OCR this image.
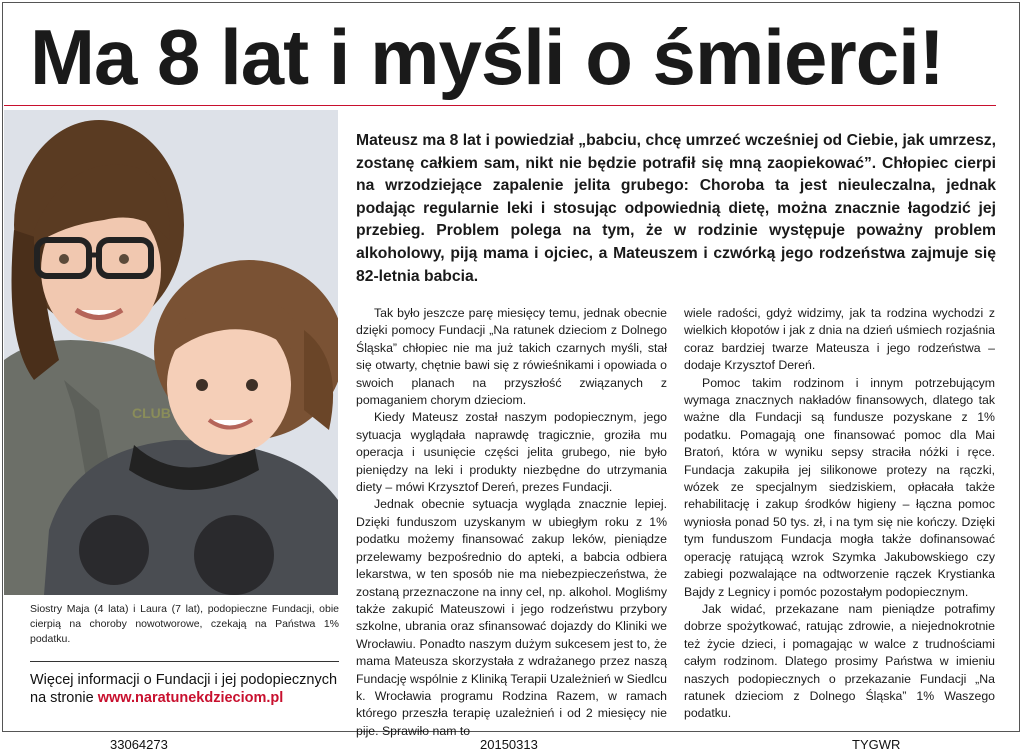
Ma 8 lat i myśli o śmierci!
CLUB
Siostry Maja (4 lata) i Laura (7 lat), podopieczne Fundacji, obie cierpią na choroby nowotworowe, czekają na Państwa 1% podatku.
Więcej informacji o Fundacji i jej podopiecznych na stronie www.naratunekdzieciom.pl
Mateusz ma 8 lat i powiedział „babciu, chcę umrzeć wcześniej od Ciebie, jak umrzesz, zostanę całkiem sam, nikt nie będzie potrafił się mną zaopiekować”. Chłopiec cierpi na wrzodziejące zapalenie jelita grubego: Choroba ta jest nieuleczalna, jednak podając regularnie leki i stosując odpowiednią dietę, można znacznie łagodzić jej przebieg. Problem polega na tym, że w rodzinie występuje poważny problem alkoholowy, piją mama i ojciec, a Mateuszem i czwórką jego rodzeństwa zajmuje się 82-letnia babcia.

Tak było jeszcze parę miesięcy temu, jednak obecnie dzięki pomocy Fundacji „Na ratunek dzieciom z Dolnego Śląska” chłopiec nie ma już takich czarnych myśli, stał się otwarty, chętnie bawi się z rówieśnikami i opowiada o swoich planach na przyszłość związanych z pomaganiem chorym dzieciom.

Kiedy Mateusz został naszym podopiecznym, jego sytuacja wyglądała naprawdę tragicznie, groziła mu operacja i usunięcie części jelita grubego, nie było pieniędzy na leki i produkty niezbędne do utrzymania diety – mówi Krzysztof Dereń, prezes Fundacji.

Jednak obecnie sytuacja wygląda znacznie lepiej. Dzięki funduszom uzyskanym w ubiegłym roku z 1% podatku możemy finansować zakup leków, pieniądze przelewamy bezpośrednio do apteki, a babcia odbiera lekarstwa, w ten sposób nie ma niebezpieczeństwa, że zostaną przeznaczone na inny cel, np. alkohol. Mogliśmy także zakupić Mateuszowi i jego rodzeństwu przybory szkolne, ubrania oraz sfinansować dojazdy do Kliniki we Wrocławiu. Ponadto naszym dużym sukcesem jest to, że mama Mateusza skorzystała z wdrażanego przez naszą Fundację wspólnie z Kliniką Terapii Uzależnień w Siedlcu k. Wrocławia programu Rodzina Razem, w ramach którego przeszła terapię uzależnień i od 2 miesięcy nie pije. Sprawiło nam to

wiele radości, gdyż widzimy, jak ta rodzina wychodzi z wielkich kłopotów i jak z dnia na dzień uśmiech rozjaśnia coraz bardziej twarze Mateusza i jego rodzeństwa – dodaje Krzysztof Dereń.

Pomoc takim rodzinom i innym potrzebującym wymaga znacznych nakładów finansowych, dlatego tak ważne dla Fundacji są fundusze pozyskane z 1% podatku. Pomagają one finansować pomoc dla Mai Bratoń, która w wyniku sepsy straciła nóżki i ręce. Fundacja zakupiła jej silikonowe protezy na rączki, wózek ze specjalnym siedziskiem, opłacała także rehabilitację i zakup środków higieny – łączna pomoc wyniosła ponad 50 tys. zł, i na tym się nie kończy. Dzięki tym funduszom Fundacja mogła także dofinansować operację ratującą wzrok Szymka Jakubowskiego czy zabiegi pozwalające na odtworzenie rączek Krystianka Bajdy z Legnicy i pomóc pozostałym podopiecznym.

Jak widać, przekazane nam pieniądze potrafimy dobrze spożytkować, ratując zdrowie, a niejednokrotnie też życie dzieci, i pomagając w walce z trudnościami całym rodzinom. Dlatego prosimy Państwa w imieniu naszych podopiecznych o przekazanie Fundacji „Na ratunek dzieciom z Dolnego Śląska” 1% Waszego podatku.

33064273	20150313	TYGWR
